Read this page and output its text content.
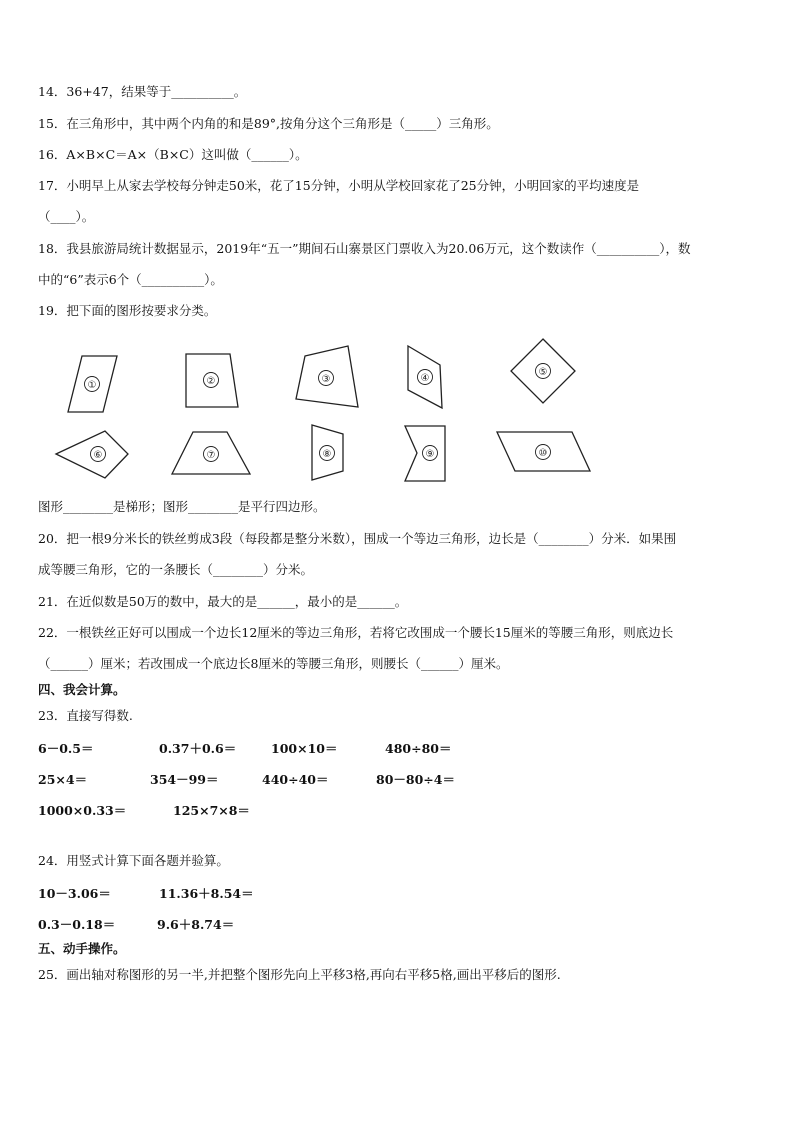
14．36+47，结果等于__________。
15．在三角形中，其中两个内角的和是89°,按角分这个三角形是（_____）三角形。
16．A×B×C＝A×（B×C）这叫做（______）。
17．小明早上从家去学校每分钟走50米，花了15分钟，小明从学校回家花了25分钟，小明回家的平均速度是
（____）。
18．我县旅游局统计数据显示，2019年“五一”期间石山寨景区门票收入为20.06万元，这个数读作（__________），数
中的“6”表示6个（__________）。
19．把下面的图形按要求分类。
①	②	③	④
⑤
⑥	⑦	⑧	⑨	⑩
图形________是梯形；图形________是平行四边形。
20．把一根9分米长的铁丝剪成3段（每段都是整分米数），围成一个等边三角形，边长是（________）分米．如果围
成等腰三角形，它的一条腰长（________）分米。
21．在近似数是50万的数中，最大的是______，最小的是______。
22．一根铁丝正好可以围成一个边长12厘米的等边三角形，若将它改围成一个腰长15厘米的等腰三角形，则底边长
（______）厘米；若改围成一个底边长8厘米的等腰三角形，则腰长（______）厘米。
四、我会计算。
23．直接写得数.
6－0.5＝	0.37＋0.6＝	100×10＝	480÷80＝
25×4＝	354－99＝	440÷40＝	80－80÷4＝
1000×0.33＝	125×7×8＝
24．用竖式计算下面各题并验算。
10－3.06＝	11.36＋8.54＝
0.3－0.18＝	9.6＋8.74＝
五、动手操作。
25．画出轴对称图形的另一半,并把整个图形先向上平移3格,再向右平移5格,画出平移后的图形.
